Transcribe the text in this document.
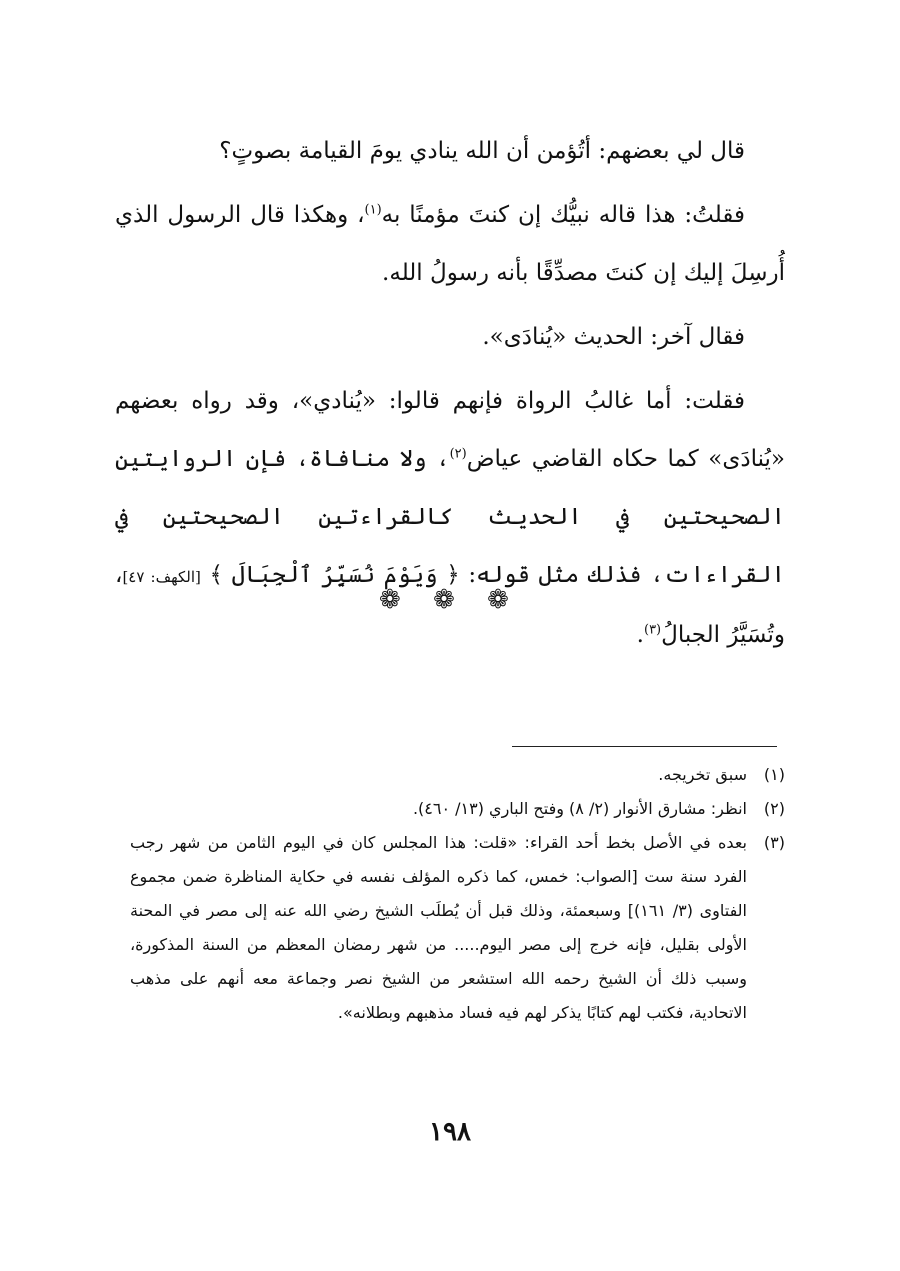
قال لي بعضهم: أتُؤمن أن الله ينادي يومَ القيامة بصوتٍ؟

فقلتُ: هذا قاله نبيُّك إن كنتَ مؤمنًا به$^{(١)}$، وهكذا قال الرسول الذي أُرسِلَ إليك إن كنتَ مصدِّقًا بأنه رسولُ الله.

فقال آخر: الحديث «يُنادَى».

فقلت: أما غالبُ الرواة فإنهم قالوا: «يُنادي»، وقد رواه بعضهم «يُنادَى» كما حكاه القاضي عياض$^{(٢)}$، ولا منافاة، فإن الروايتين الصحيحتين في الحديث كالقراءتين الصحيحتين في القراءات، فذلك مثل قوله: ﴿ وَيَوْمَ نُسَيِّرُ ٱلْجِبَالَ ﴾ [الكهف: ٤٧]، وتُسَيَّرُ الجبالُ$^{(٣)}$.

❁ ❁ ❁
(١)
سبق تخريجه.
(٢)
انظر: مشارق الأنوار (٢/ ٨) وفتح الباري (١٣/ ٤٦٠).
(٣)
بعده في الأصل بخط أحد القراء: «قلت: هذا المجلس كان في اليوم الثامن من شهر رجب الفرد سنة ست [الصواب: خمس، كما ذكره المؤلف نفسه في حكاية المناظرة ضمن مجموع الفتاوى (٣/ ١٦١)] وسبعمئة، وذلك قبل أن يُطلَب الشيخ رضي الله عنه إلى مصر في المحنة الأولى بقليل، فإنه خرج إلى مصر اليوم..... من شهر رمضان المعظم من السنة المذكورة، وسبب ذلك أن الشيخ رحمه الله استشعر من الشيخ نصر وجماعة معه أنهم على مذهب الاتحادية، فكتب لهم كتابًا يذكر لهم فيه فساد مذهبهم وبطلانه».
١٩٨
